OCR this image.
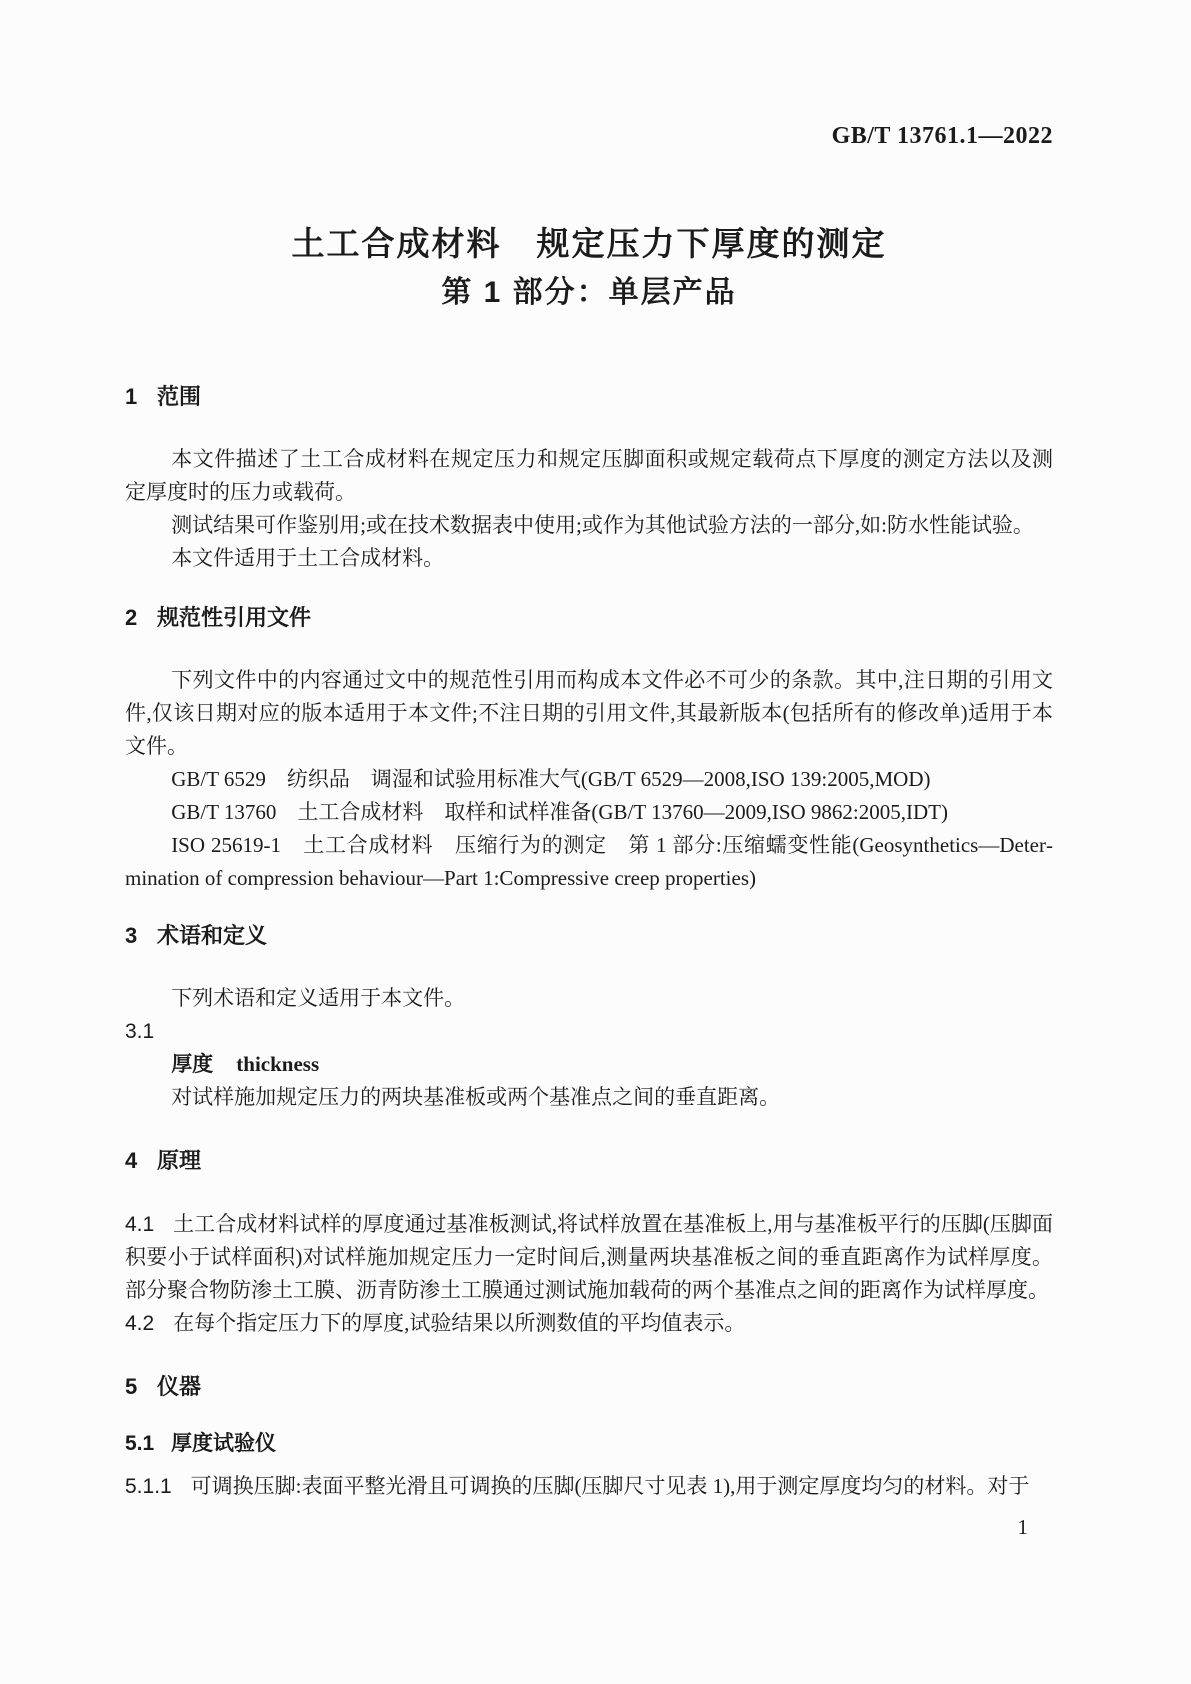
GB/T 13761.1—2022
土工合成材料　规定压力下厚度的测定
第 1 部分：单层产品
1 范围

本文件描述了土工合成材料在规定压力和规定压脚面积或规定载荷点下厚度的测定方法以及测定厚度时的压力或载荷。

测试结果可作鉴别用;或在技术数据表中使用;或作为其他试验方法的一部分,如:防水性能试验。

本文件适用于土工合成材料。

2 规范性引用文件

下列文件中的内容通过文中的规范性引用而构成本文件必不可少的条款。其中,注日期的引用文件,仅该日期对应的版本适用于本文件;不注日期的引用文件,其最新版本(包括所有的修改单)适用于本文件。

GB/T 6529　纺织品　调湿和试验用标准大气(GB/T 6529—2008,ISO 139:2005,MOD)

GB/T 13760　土工合成材料　取样和试样准备(GB/T 13760—2009,ISO 9862:2005,IDT)

ISO 25619-1　土工合成材料　压缩行为的测定　第 1 部分:压缩蠕变性能(Geosynthetics—Determination of compression behaviour—Part 1:Compressive creep properties)

3 术语和定义

下列术语和定义适用于本文件。

3.1
厚度 thickness
对试样施加规定压力的两块基准板或两个基准点之间的垂直距离。
4 原理

4.1 土工合成材料试样的厚度通过基准板测试,将试样放置在基准板上,用与基准板平行的压脚(压脚面积要小于试样面积)对试样施加规定压力一定时间后,测量两块基准板之间的垂直距离作为试样厚度。部分聚合物防渗土工膜、沥青防渗土工膜通过测试施加载荷的两个基准点之间的距离作为试样厚度。

4.2 在每个指定压力下的厚度,试验结果以所测数值的平均值表示。

5 仪器
5.1 厚度试验仪

5.1.1 可调换压脚:表面平整光滑且可调换的压脚(压脚尺寸见表 1),用于测定厚度均匀的材料。对于

1
